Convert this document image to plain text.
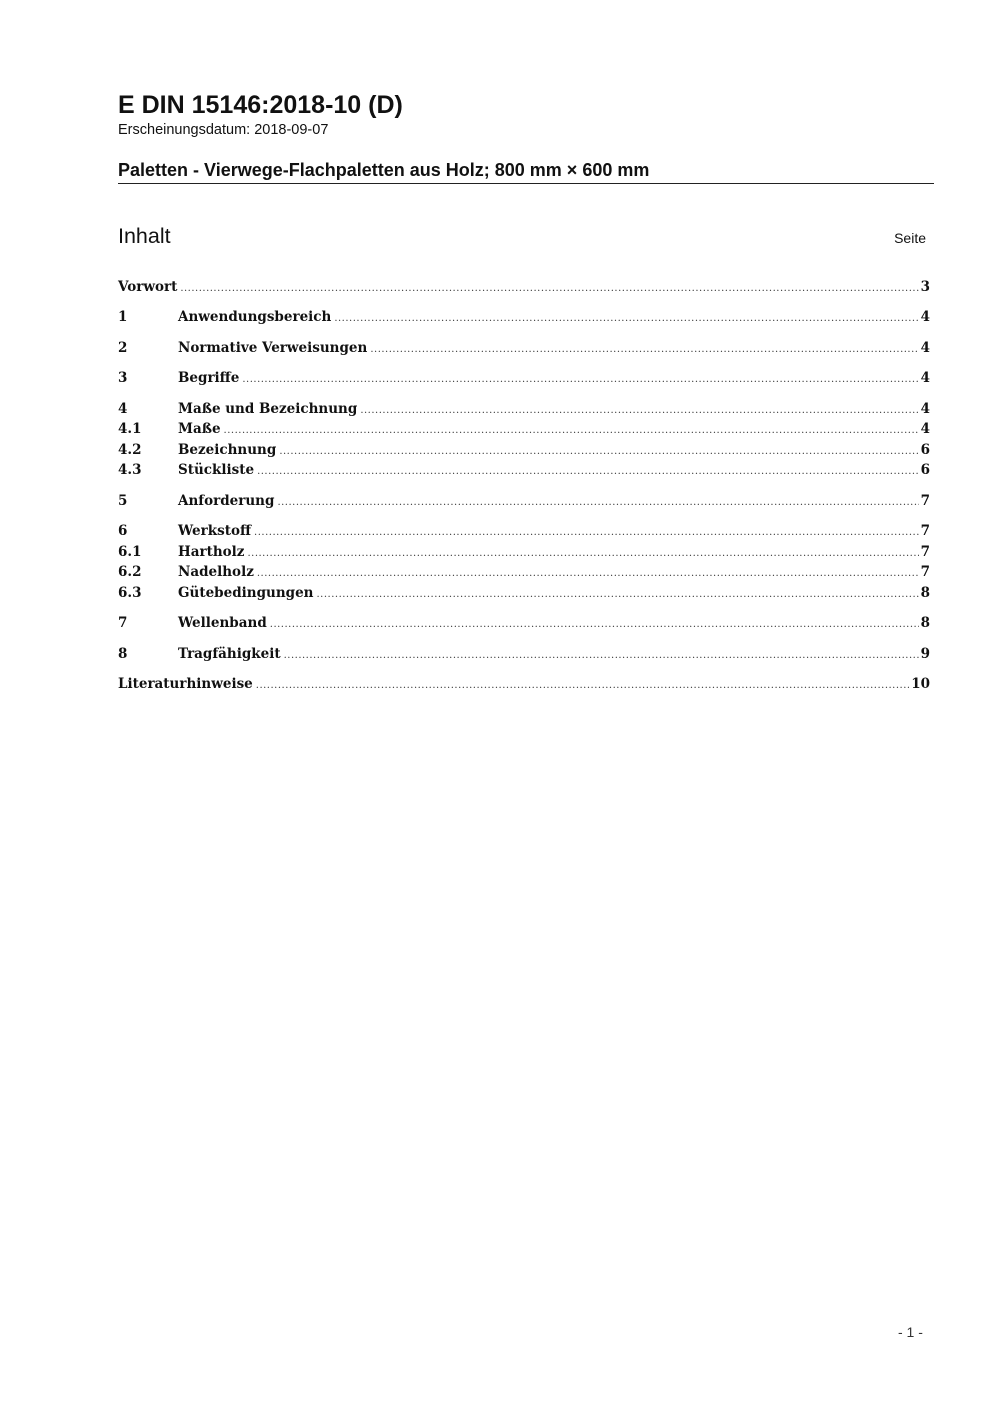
E DIN 15146:2018-10 (D)
Erscheinungsdatum: 2018-09-07
Paletten - Vierwege-Flachpaletten aus Holz; 800 mm × 600 mm
Inhalt	Seite
Vorwort .....	3
1	Anwendungsbereich .....	4
2	Normative Verweisungen .....	4
3	Begriffe .....	4
4	Maße und Bezeichnung .....	4
4.1	Maße .....	4
4.2	Bezeichnung .....	6
4.3	Stückliste .....	6
5	Anforderung .....	7
6	Werkstoff .....	7
6.1	Hartholz .....	7
6.2	Nadelholz .....	7
6.3	Gütebedingungen .....	8
7	Wellenband .....	8
8	Tragfähigkeit .....	9
Literaturhinweise .....	10
- 1 -
